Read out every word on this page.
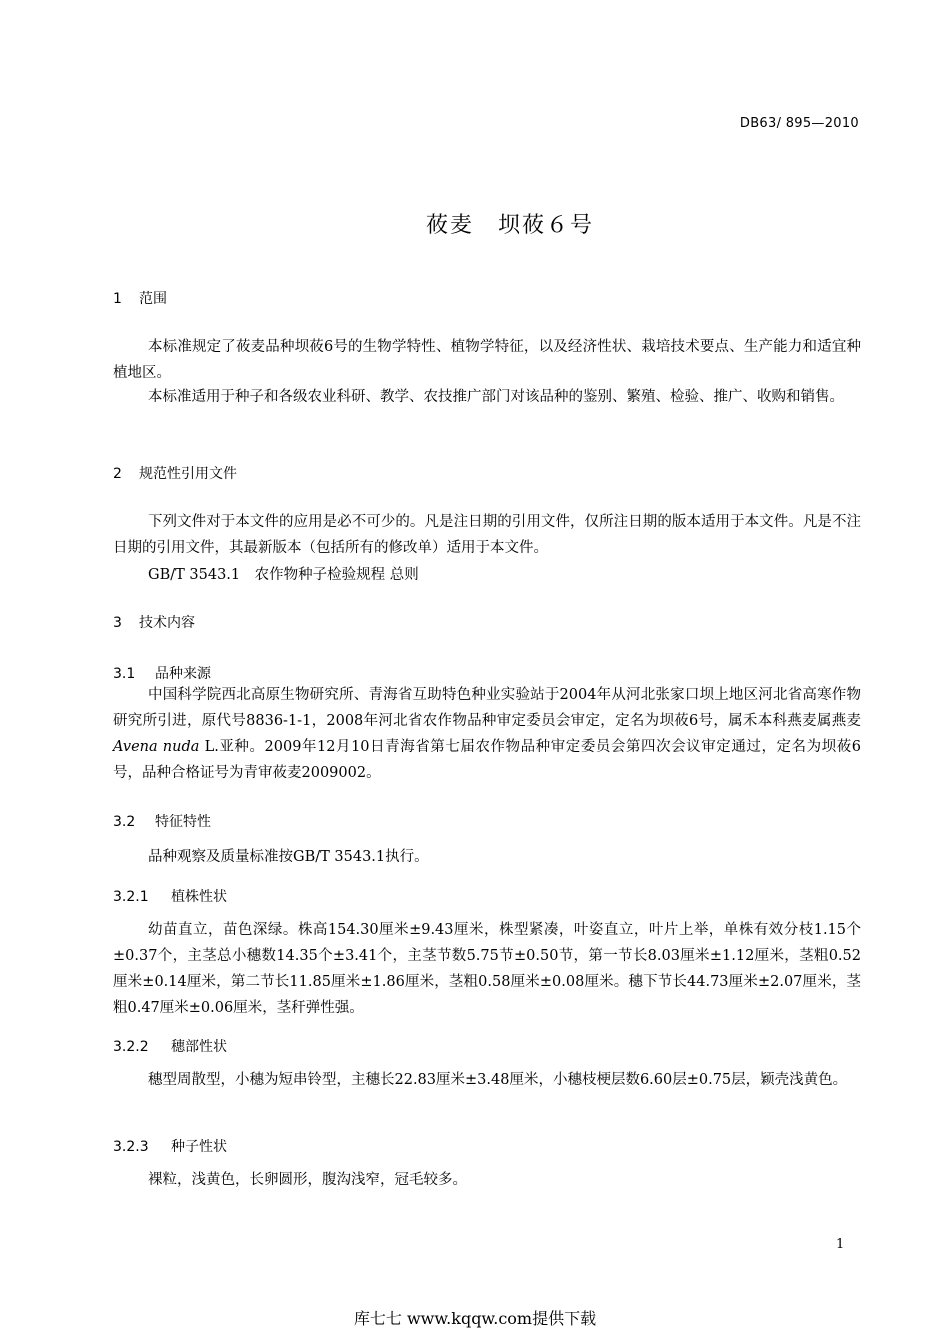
DB63/ 895—2010
莜麦　坝莜６号
1 范围
本标准规定了莜麦品种坝莜6号的生物学特性、植物学特征，以及经济性状、栽培技术要点、生产能力和适宜种植地区。
本标准适用于种子和各级农业科研、教学、农技推广部门对该品种的鉴别、繁殖、检验、推广、收购和销售。
2 规范性引用文件
下列文件对于本文件的应用是必不可少的。凡是注日期的引用文件，仅所注日期的版本适用于本文件。凡是不注日期的引用文件，其最新版本（包括所有的修改单）适用于本文件。
GB/T 3543.1　农作物种子检验规程 总则
3 技术内容
3.1 品种来源
中国科学院西北高原生物研究所、青海省互助特色种业实验站于2004年从河北张家口坝上地区河北省高寒作物研究所引进，原代号8836-1-1，2008年河北省农作物品种审定委员会审定，定名为坝莜6号，属禾本科燕麦属燕麦Avena nuda L.亚种。2009年12月10日青海省第七届农作物品种审定委员会第四次会议审定通过，定名为坝莜6号，品种合格证号为青审莜麦2009002。
3.2 特征特性
品种观察及质量标准按GB/T 3543.1执行。
3.2.1 植株性状
幼苗直立，苗色深绿。株高154.30厘米±9.43厘米，株型紧凑，叶姿直立，叶片上举，单株有效分枝1.15个±0.37个，主茎总小穗数14.35个±3.41个，主茎节数5.75节±0.50节，第一节长8.03厘米±1.12厘米，茎粗0.52厘米±0.14厘米，第二节长11.85厘米±1.86厘米，茎粗0.58厘米±0.08厘米。穗下节长44.73厘米±2.07厘米，茎粗0.47厘米±0.06厘米，茎秆弹性强。
3.2.2 穗部性状
穗型周散型，小穗为短串铃型，主穗长22.83厘米±3.48厘米，小穗枝梗层数6.60层±0.75层，颖壳浅黄色。
3.2.3 种子性状
裸粒，浅黄色，长卵圆形，腹沟浅窄，冠毛较多。
1
库七七 www.kqqw.com提供下载
